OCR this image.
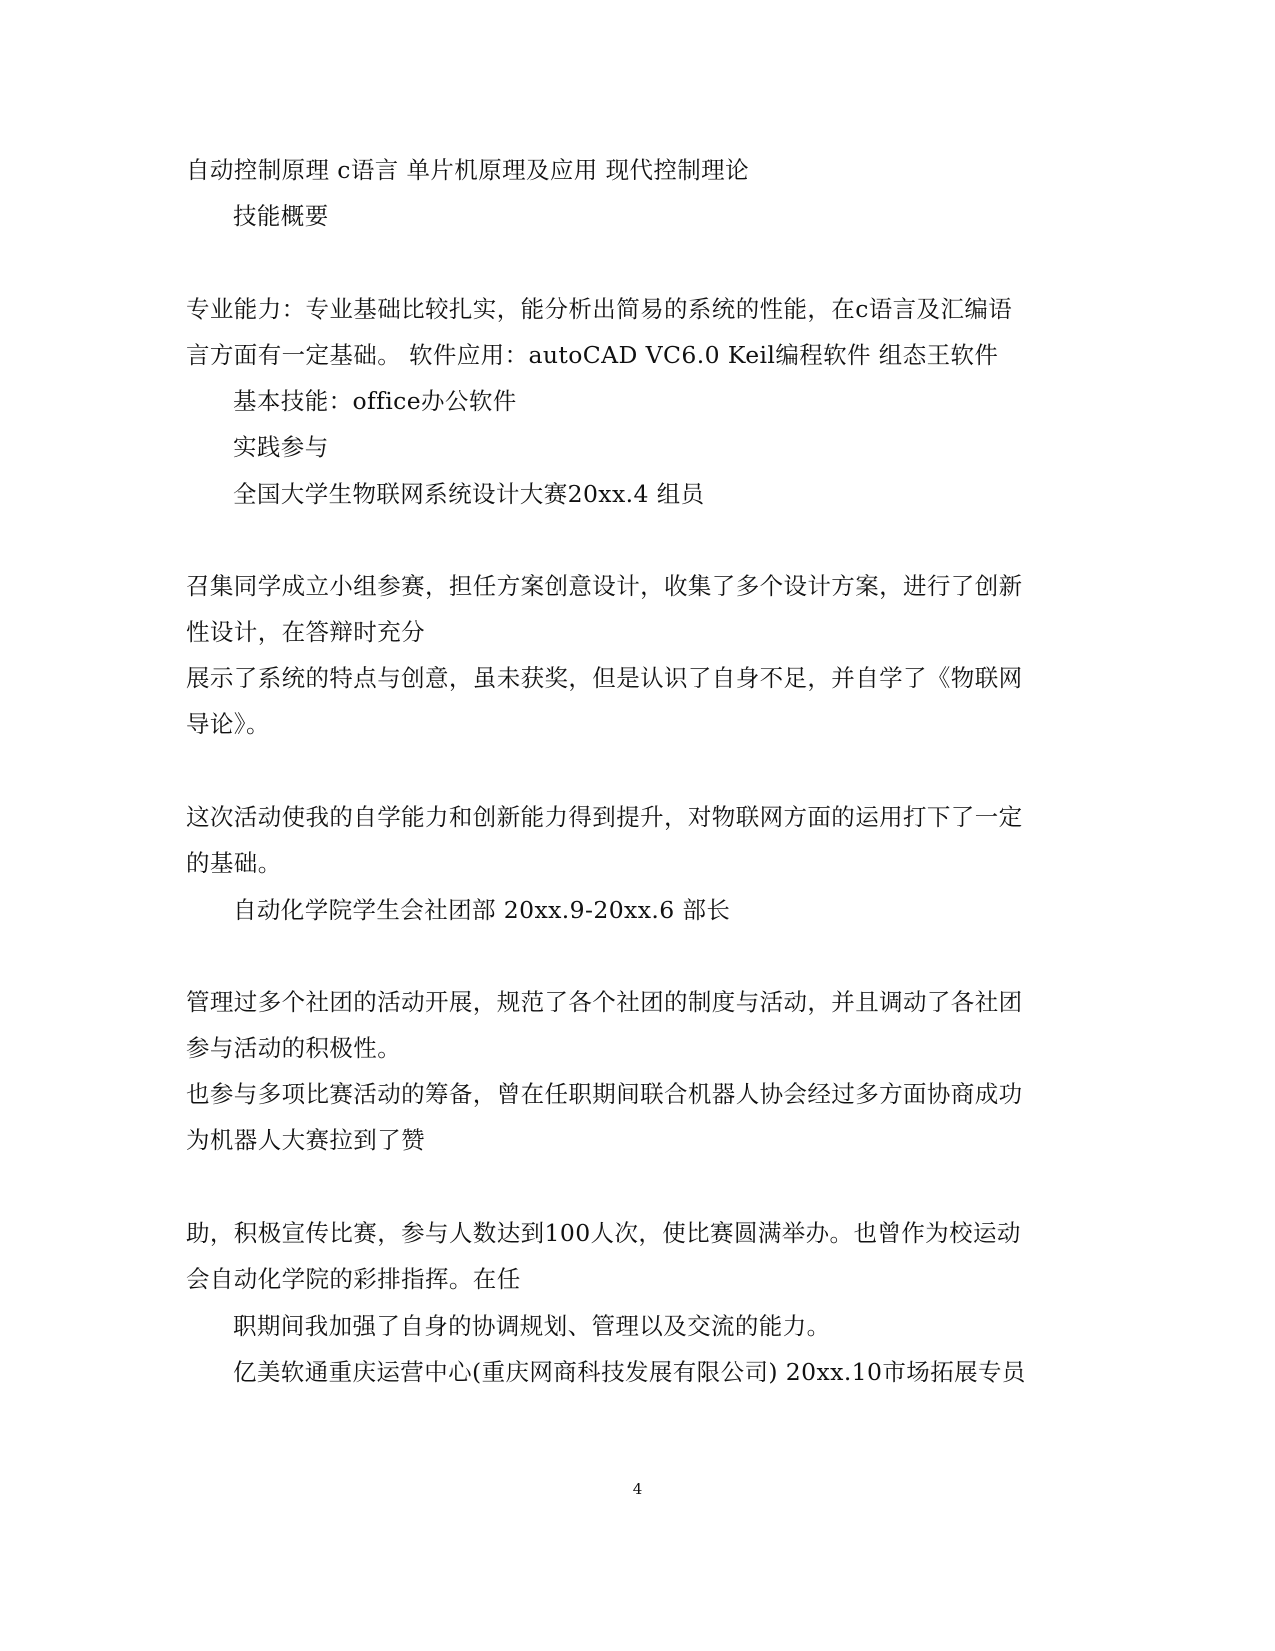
自动控制原理 c语言 单片机原理及应用 现代控制理论
技能概要
专业能力：专业基础比较扎实，能分析出简易的系统的性能，在c语言及汇编语
言方面有一定基础。 软件应用：autoCAD VC6.0 Keil编程软件 组态王软件
基本技能：office办公软件
实践参与
全国大学生物联网系统设计大赛20xx.4 组员
召集同学成立小组参赛，担任方案创意设计，收集了多个设计方案，进行了创新
性设计，在答辩时充分
展示了系统的特点与创意，虽未获奖，但是认识了自身不足，并自学了《物联网
导论》。
这次活动使我的自学能力和创新能力得到提升，对物联网方面的运用打下了一定
的基础。
自动化学院学生会社团部 20xx.9-20xx.6 部长
管理过多个社团的活动开展，规范了各个社团的制度与活动，并且调动了各社团
参与活动的积极性。
也参与多项比赛活动的筹备，曾在任职期间联合机器人协会经过多方面协商成功
为机器人大赛拉到了赞
助，积极宣传比赛，参与人数达到100人次，使比赛圆满举办。也曾作为校运动
会自动化学院的彩排指挥。在任
职期间我加强了自身的协调规划、管理以及交流的能力。
亿美软通重庆运营中心(重庆网商科技发展有限公司) 20xx.10市场拓展专员
4
